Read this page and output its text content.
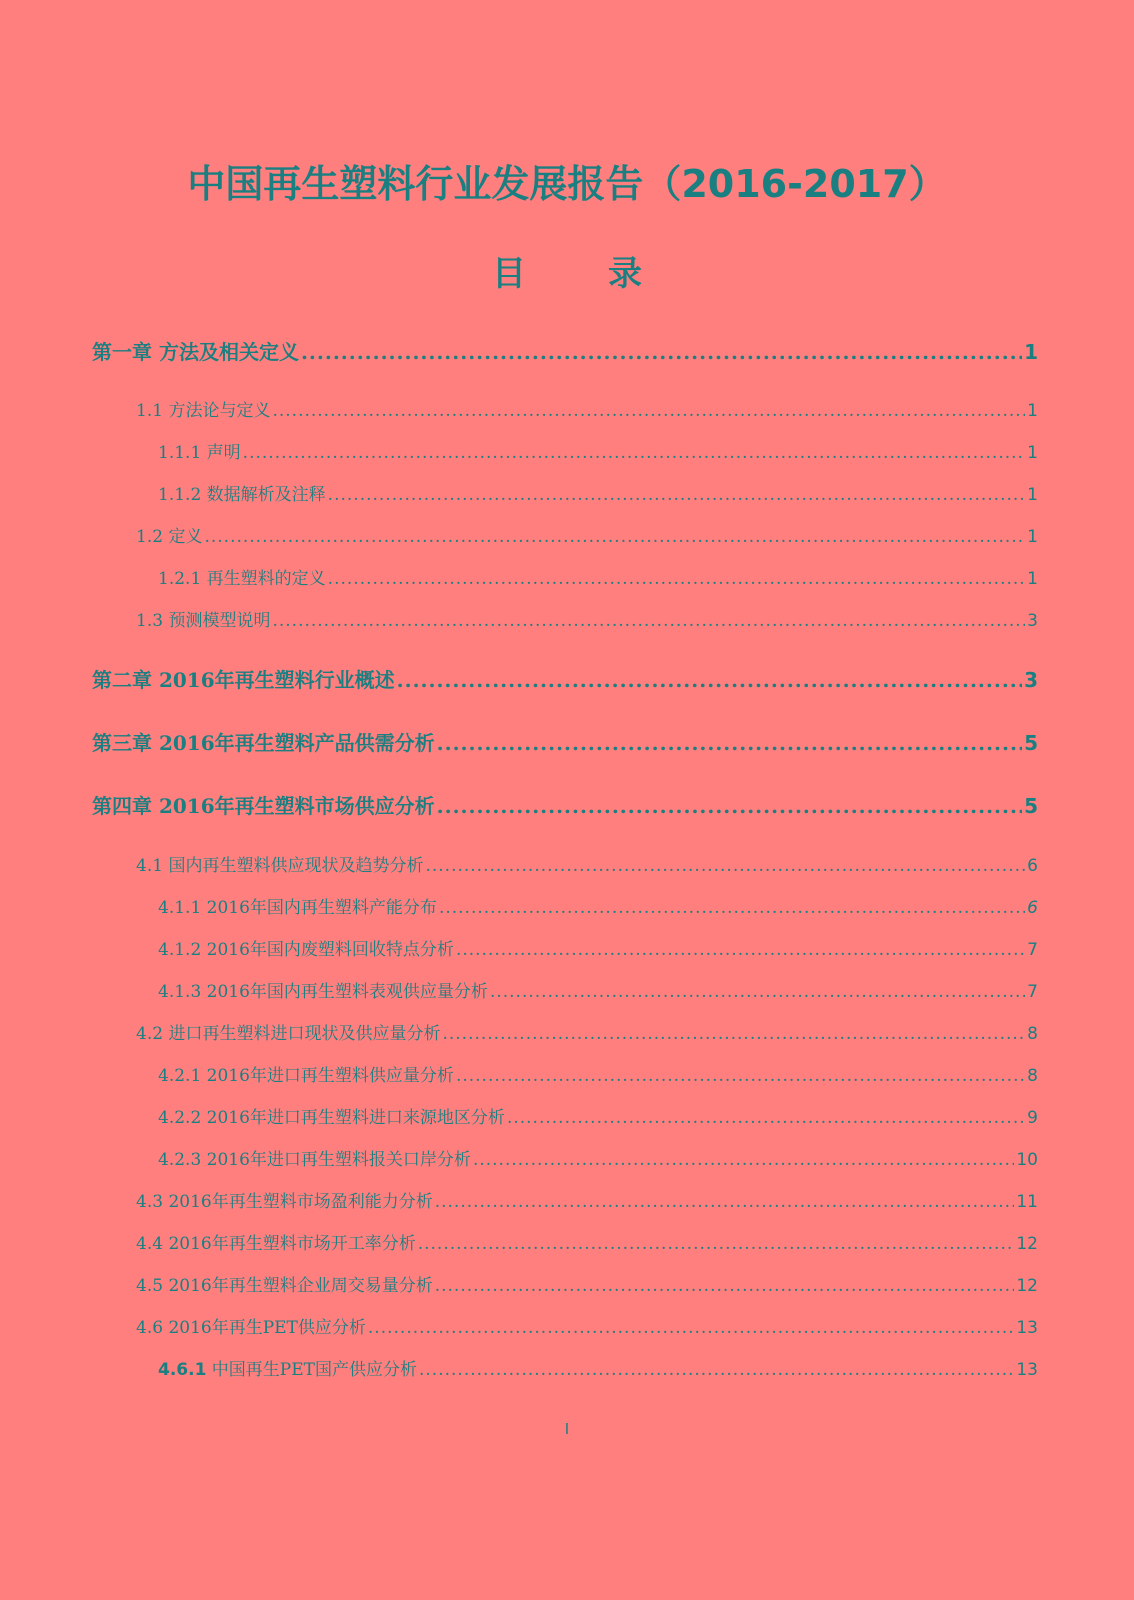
中国再生塑料行业发展报告（2016-2017）
目录
第一章 方法及相关定义 .....	1
1.1 方法论与定义 .....	1
1.1.1 声明 .....	1
1.1.2 数据解析及注释 .....	1
1.2 定义 .....	1
1.2.1 再生塑料的定义 .....	1
1.3 预测模型说明 .....	3
第二章 2016年再生塑料行业概述 .....	3
第三章 2016年再生塑料产品供需分析 .....	5
第四章 2016年再生塑料市场供应分析 .....	5
4.1 国内再生塑料供应现状及趋势分析 .....	6
4.1.1 2016年国内再生塑料产能分布 .....	6
4.1.2 2016年国内废塑料回收特点分析 .....	7
4.1.3 2016年国内再生塑料表观供应量分析 .....	7
4.2 进口再生塑料进口现状及供应量分析 .....	8
4.2.1 2016年进口再生塑料供应量分析 .....	8
4.2.2 2016年进口再生塑料进口来源地区分析 .....	9
4.2.3 2016年进口再生塑料报关口岸分析 .....	10
4.3 2016年再生塑料市场盈利能力分析 .....	11
4.4 2016年再生塑料市场开工率分析 .....	12
4.5 2016年再生塑料企业周交易量分析 .....	12
4.6 2016年再生PET供应分析 .....	13
4.6.1 中国再生PET国产供应分析 .....	13
I
